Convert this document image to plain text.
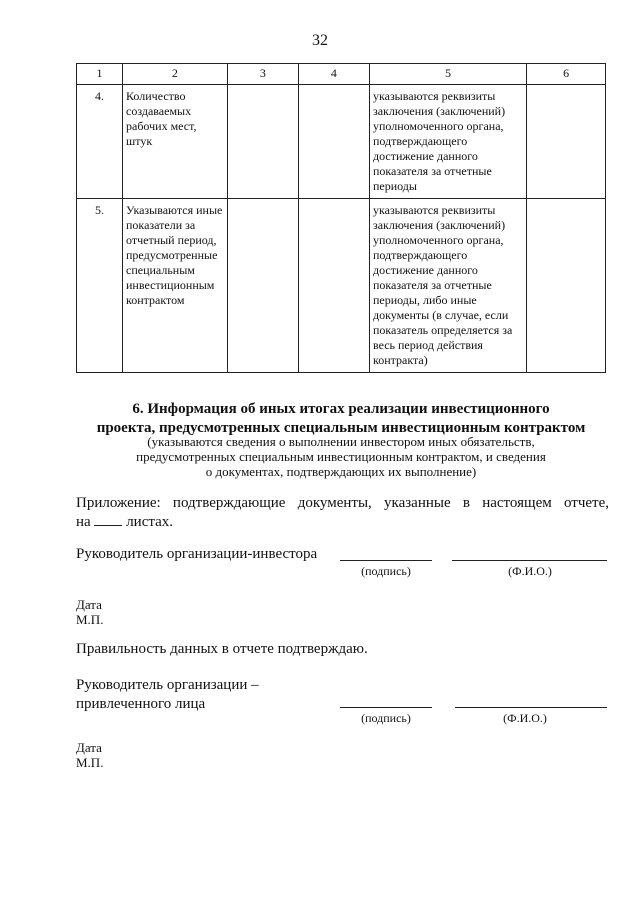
32
1	2	3	4	5	6
4.	Количество создаваемых рабочих мест, штук			указываются реквизиты заключения (заключений) уполномоченного органа, подтверждающего достижение данного показателя за отчетные периоды	
5.	Указываются иные показатели за отчетный период, предусмотренные специальным инвестиционным контрактом			указываются реквизиты заключения (заключений) уполномоченного органа, подтверждающего достижение данного показателя за отчетные периоды, либо иные документы (в случае, если показатель определяется за весь период действия контракта)	
6. Информация об иных итогах реализации инвестиционного
проекта, предусмотренных специальным инвестиционным контрактом
(указываются сведения о выполнении инвестором иных обязательств,
предусмотренных специальным инвестиционным контрактом, и сведения
о документах, подтверждающих их выполнение)
Приложение: подтверждающие документы, указанные в настоящем отчете,
на листах.
Руководитель организации-инвестора
(подпись)	(Ф.И.О.)
Дата
М.П.
Правильность данных в отчете подтверждаю.
Руководитель организации –
привлеченного лица
(подпись)	(Ф.И.О.)
Дата
М.П.
